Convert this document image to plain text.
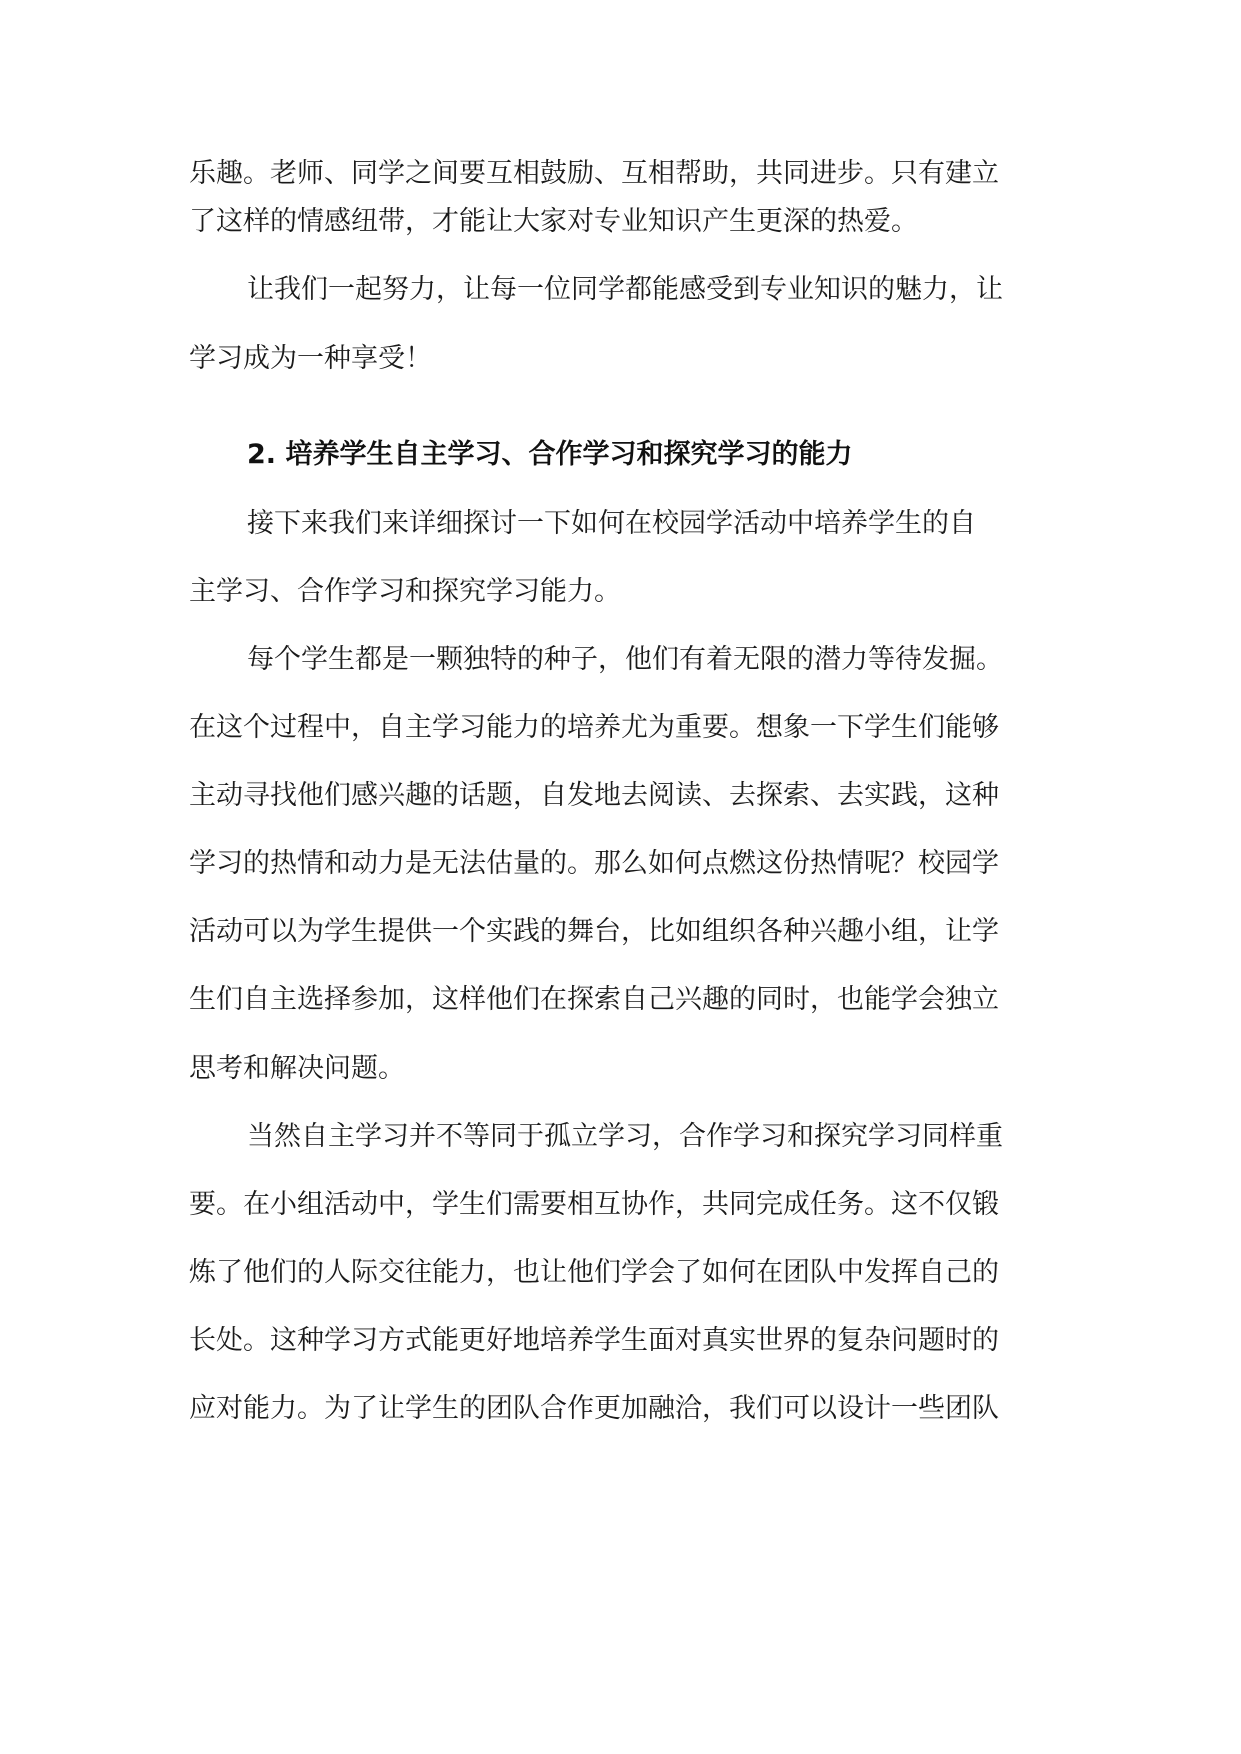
乐趣。老师、同学之间要互相鼓励、互相帮助，共同进步。只有建立
了这样的情感纽带，才能让大家对专业知识产生更深的热爱。
让我们一起努力，让每一位同学都能感受到专业知识的魅力，让
学习成为一种享受！
2. 培养学生自主学习、合作学习和探究学习的能力
接下来我们来详细探讨一下如何在校园学活动中培养学生的自
主学习、合作学习和探究学习能力。
每个学生都是一颗独特的种子，他们有着无限的潜力等待发掘。
在这个过程中，自主学习能力的培养尤为重要。想象一下学生们能够
主动寻找他们感兴趣的话题，自发地去阅读、去探索、去实践，这种
学习的热情和动力是无法估量的。那么如何点燃这份热情呢？校园学
活动可以为学生提供一个实践的舞台，比如组织各种兴趣小组，让学
生们自主选择参加，这样他们在探索自己兴趣的同时，也能学会独立
思考和解决问题。
当然自主学习并不等同于孤立学习，合作学习和探究学习同样重
要。在小组活动中，学生们需要相互协作，共同完成任务。这不仅锻
炼了他们的人际交往能力，也让他们学会了如何在团队中发挥自己的
长处。这种学习方式能更好地培养学生面对真实世界的复杂问题时的
应对能力。为了让学生的团队合作更加融洽，我们可以设计一些团队
